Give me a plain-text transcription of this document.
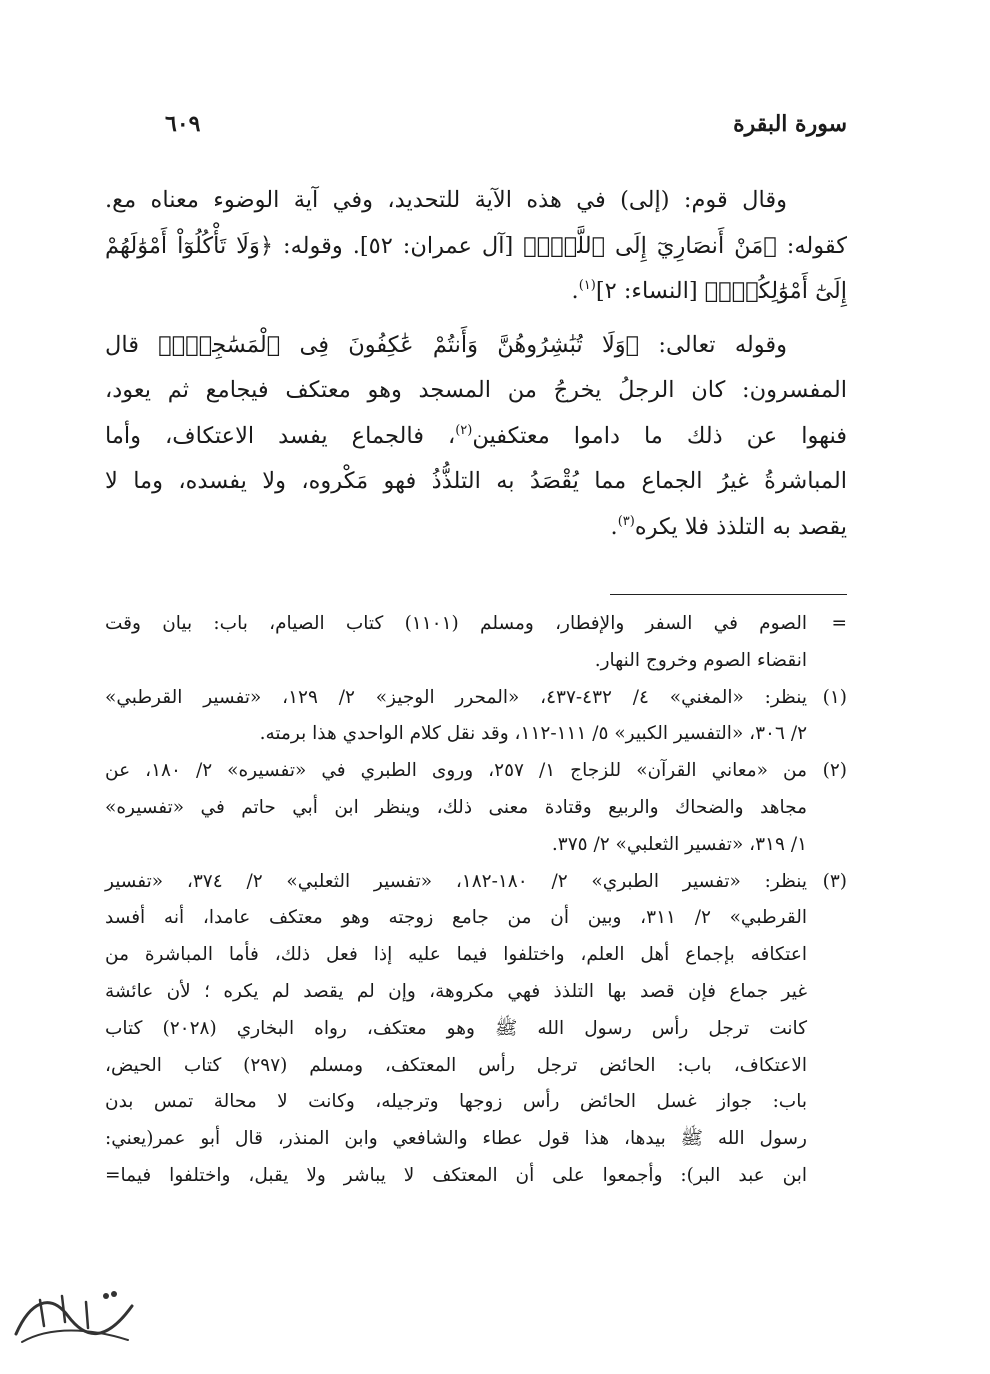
سورة البقرة
٦٠٩
وقال قوم: (إلى) في هذه الآية للتحديد، وفي آية الوضوء معناه مع.
كقوله: ﴿مَنْ أَنصَارِيٓ إِلَى ٱللَّهِۖ﴾ [آل عمران: ٥٢]. وقوله: ﴿وَلَا تَأْكُلُوٓاْ أَمْوَٰلَهُمْ
إِلَىٰٓ أَمْوَٰلِكُمْۚ﴾ [النساء: ٢]$^{(١)}$.
وقوله تعالى: ﴿وَلَا تُبَٰشِرُوهُنَّ وَأَنتُمْ عَٰكِفُونَ فِى ٱلْمَسَٰجِدِۗ﴾ قال
المفسرون: كان الرجلُ يخرجُ من المسجد وهو معتكف فيجامع ثم يعود،
فنهوا عن ذلك ما داموا معتكفين$^{(٢)}$، فالجماع يفسد الاعتكاف، وأما
المباشرةُ غيرُ الجماع مما يُقْصَدُ به التلذُّذُ فهو مَكْروه، ولا يفسده، وما لا
يقصد به التلذذ فلا يكره$^{(٣)}$.
=
الصوم في السفر والإفطار، ومسلم (١١٠١) كتاب الصيام، باب: بيان وقت
انقضاء الصوم وخروج النهار.
(١)
ينظر: «المغني» ٤/ ٤٣٢-٤٣٧، «المحرر الوجيز» ٢/ ١٢٩، «تفسير القرطبي»
٢/ ٣٠٦، «التفسير الكبير» ٥/ ١١١-١١٢، وقد نقل كلام الواحدي هذا برمته.
(٢)
من «معاني القرآن» للزجاج ١/ ٢٥٧، وروى الطبري في «تفسيره» ٢/ ١٨٠، عن
مجاهد والضحاك والربيع وقتادة معنى ذلك، وينظر ابن أبي حاتم في «تفسيره»
١/ ٣١٩، «تفسير الثعلبي» ٢/ ٣٧٥.
(٣)
ينظر: «تفسير الطبري» ٢/ ١٨٠-١٨٢، «تفسير الثعلبي» ٢/ ٣٧٤، «تفسير
القرطبي» ٢/ ٣١١، وبين أن من جامع زوجته وهو معتكف عامدا، أنه أفسد
اعتكافه بإجماع أهل العلم، واختلفوا فيما عليه إذا فعل ذلك، فأما المباشرة من
غير جماع فإن قصد بها التلذذ فهي مكروهة، وإن لم يقصد لم يكره ؛ لأن عائشة
كانت ترجل رأس رسول الله ﷺ وهو معتكف، رواه البخاري (٢٠٢٨) كتاب
الاعتكاف، باب: الحائض ترجل رأس المعتكف، ومسلم (٢٩٧) كتاب الحيض،
باب: جواز غسل الحائض رأس زوجها وترجيله، وكانت لا محالة تمس بدن
رسول الله ﷺ بيدها، هذا قول عطاء والشافعي وابن المنذر، قال أبو عمر(يعني:
ابن عبد البر): وأجمعوا على أن المعتكف لا يباشر ولا يقبل، واختلفوا فيما=
